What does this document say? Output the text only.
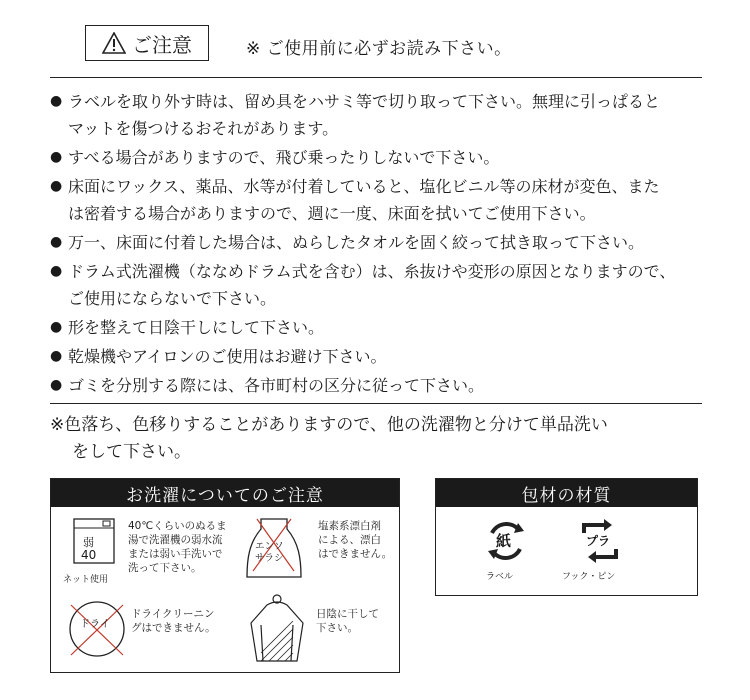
ご注意	※ ご使用前に必ずお読み下さい。
● ラベルを取り外す時は、留め具をハサミ等で切り取って下さい。無理に引っぱると
マットを傷つけるおそれがあります。
● すべる場合がありますので、飛び乗ったりしないで下さい。
● 床面にワックス、薬品、水等が付着していると、塩化ビニル等の床材が変色、また
は密着する場合がありますので、週に一度、床面を拭いてご使用下さい。
● 万一、床面に付着した場合は、ぬらしたタオルを固く絞って拭き取って下さい。
● ドラム式洗濯機（ななめドラム式を含む）は、糸抜けや変形の原因となりますので、
ご使用にならないで下さい。
● 形を整えて日陰干しにして下さい。
● 乾燥機やアイロンのご使用はお避け下さい。
● ゴミを分別する際には、各市町村の区分に従って下さい。
※色落ち、色移りすることがありますので、他の洗濯物と分けて単品洗い
をして下さい。
お洗濯についてのご注意
弱
40
ネット使用
40℃くらいのぬるま
湯で洗濯機の弱水流
または弱い手洗いで
洗って下さい。
エンソ
サラシ
塩素系漂白剤
による、漂白
はできません。
ドライ
ドライクリーニン
グはできません。
日陰に干して
下さい。
包材の材質
紙
ラベル
プラ
フック・ピン
